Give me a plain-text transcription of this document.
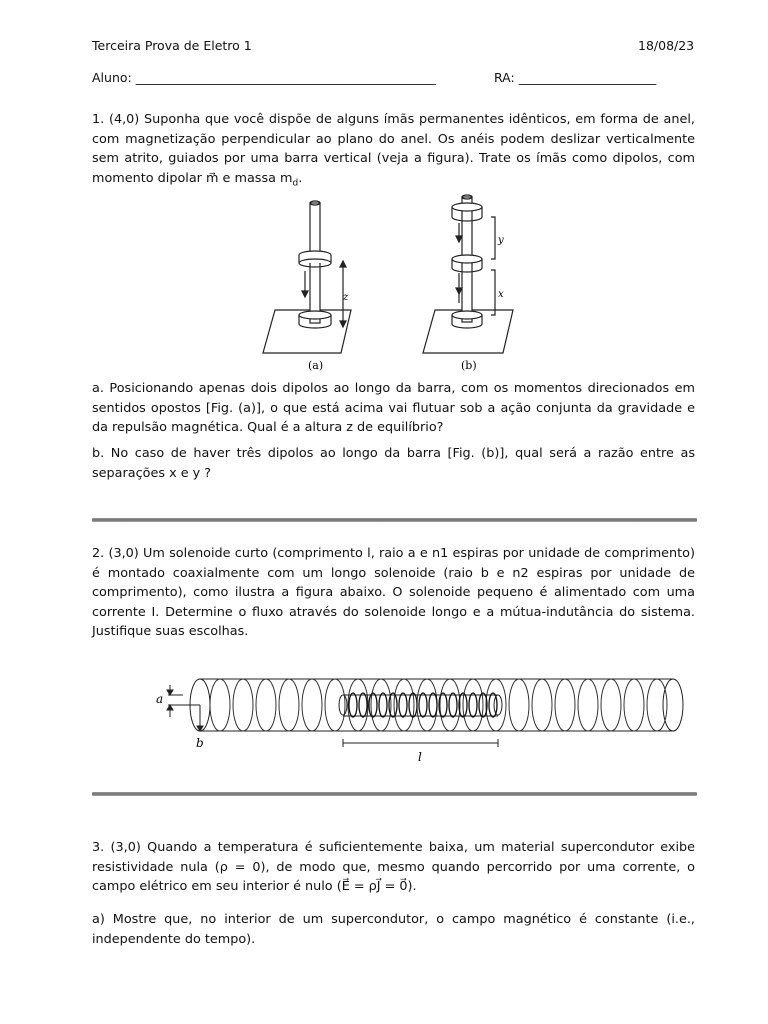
Terceira Prova de Eletro 1	18/08/23
Aluno: ________________________________________________	RA: ______________________
1. (4,0) Suponha que você dispõe de alguns ímãs permanentes idênticos, em forma de anel, com magnetização perpendicular ao plano do anel. Os anéis podem deslizar verticalmente sem atrito, guiados por uma barra vertical (veja a figura). Trate os ímãs como dipolos, com momento dipolar m⃗ e massa $m_d$.
z
y
x
(a)	(b)
a. Posicionando apenas dois dipolos ao longo da barra, com os momentos direcionados em sentidos opostos [Fig. (a)], o que está acima vai flutuar sob a ação conjunta da gravidade e da repulsão magnética. Qual é a altura z de equilíbrio?
b. No caso de haver três dipolos ao longo da barra [Fig. (b)], qual será a razão entre as separações x e y ?
2. (3,0) Um solenoide curto (comprimento l, raio a e n1 espiras por unidade de comprimento) é montado coaxialmente com um longo solenoide (raio b e n2 espiras por unidade de comprimento), como ilustra a figura abaixo. O solenoide pequeno é alimentado com uma corrente I. Determine o fluxo através do solenoide longo e a mútua-indutância do sistema. Justifique suas escolhas.
a
b
l
3. (3,0) Quando a temperatura é suficientemente baixa, um material supercondutor exibe resistividade nula (ρ = 0), de modo que, mesmo quando percorrido por uma corrente, o campo elétrico em seu interior é nulo (E⃗ = ρJ⃗ = 0⃗).
a) Mostre que, no interior de um supercondutor, o campo magnético é constante (i.e., independente do tempo).
